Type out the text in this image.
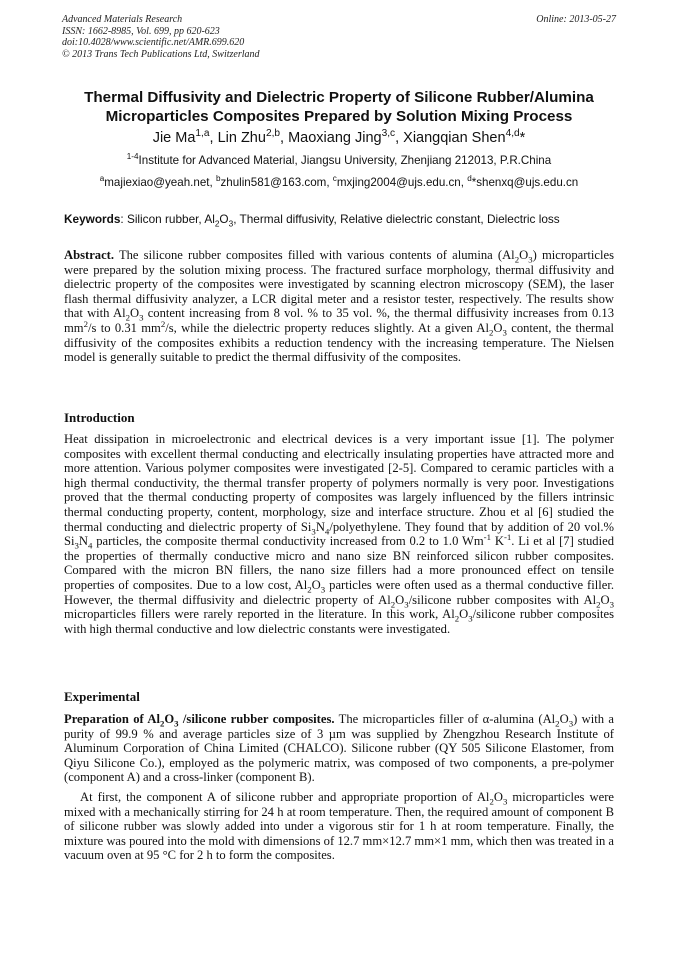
Advanced Materials Research
ISSN: 1662-8985, Vol. 699, pp 620-623
doi:10.4028/www.scientific.net/AMR.699.620
© 2013 Trans Tech Publications Ltd, Switzerland
Online: 2013-05-27
Thermal Diffusivity and Dielectric Property of Silicone Rubber/Alumina
Microparticles Composites Prepared by Solution Mixing Process
Jie Ma$^{1,a}$, Lin Zhu$^{2,b}$, Maoxiang Jing$^{3,c}$, Xiangqian Shen$^{4,d}$*
$^{1-4}$Institute for Advanced Material, Jiangsu University, Zhenjiang 212013, P.R.China
$^a$majiexiao@yeah.net, $^b$zhulin581@163.com, $^c$mxjing2004@ujs.edu.cn, $^d$*shenxq@ujs.edu.cn
Keywords: Silicon rubber, $Al_2O_3$, Thermal diffusivity, Relative dielectric constant, Dielectric loss
Abstract. The silicone rubber composites filled with various contents of alumina $(Al_2O_3)$ microparticles were prepared by the solution mixing process. The fractured surface morphology, thermal diffusivity and dielectric property of the composites were investigated by scanning electron microscopy (SEM), the laser flash thermal diffusivity analyzer, a LCR digital meter and a resistor tester, respectively. The results show that with $Al_2O_3$ content increasing from 8 vol. % to 35 vol. %, the thermal diffusivity increases from 0.13 $mm^2/s$ to 0.31 $mm^2/s$, while the dielectric property reduces slightly. At a given $Al_2O_3$ content, the thermal diffusivity of the composites exhibits a reduction tendency with the increasing temperature. The Nielsen model is generally suitable to predict the thermal diffusivity of the composites.
Introduction
Heat dissipation in microelectronic and electrical devices is a very important issue [1]. The polymer composites with excellent thermal conducting and electrically insulating properties have attracted more and more attention. Various polymer composites were investigated [2-5]. Compared to ceramic particles with a high thermal conductivity, the thermal transfer property of polymers normally is very poor. Investigations proved that the thermal conducting property of composites was largely influenced by the fillers intrinsic thermal conducting property, content, morphology, size and interface structure. Zhou et al [6] studied the thermal conducting and dielectric property of $Si_3N_4$/polyethylene. They found that by addition of 20 vol.% $Si_3N_4$ particles, the composite thermal conductivity increased from 0.2 to 1.0 $Wm^{-1}$ $K^{-1}$. Li et al [7] studied the properties of thermally conductive micro and nano size BN reinforced silicon rubber composites. Compared with the micron BN fillers, the nano size fillers had a more pronounced effect on tensile properties of composites. Due to a low cost, $Al_2O_3$ particles were often used as a thermal conductive filler. However, the thermal diffusivity and dielectric property of $Al_2O_3$/silicone rubber composites with $Al_2O_3$ microparticles fillers were rarely reported in the literature. In this work, $Al_2O_3$/silicone rubber composites with high thermal conductive and low dielectric constants were investigated.
Experimental
Preparation of $Al_2O_3$ /silicone rubber composites. The microparticles filler of α-alumina $(Al_2O_3)$ with a purity of 99.9 % and average particles size of 3 µm was supplied by Zhengzhou Research Institute of Aluminum Corporation of China Limited (CHALCO). Silicone rubber (QY 505 Silicone Elastomer, from Qiyu Silicone Co.), employed as the polymeric matrix, was composed of two components, a pre-polymer (component A) and a cross-linker (component B).
At first, the component A of silicone rubber and appropriate proportion of $Al_2O_3$ microparticles were mixed with a mechanically stirring for 24 h at room temperature. Then, the required amount of component B of silicone rubber was slowly added into under a vigorous stir for 1 h at room temperature. Finally, the mixture was poured into the mold with dimensions of 12.7 mm×12.7 mm×1 mm, which then was treated in a vacuum oven at 95 °C for 2 h to form the composites.
